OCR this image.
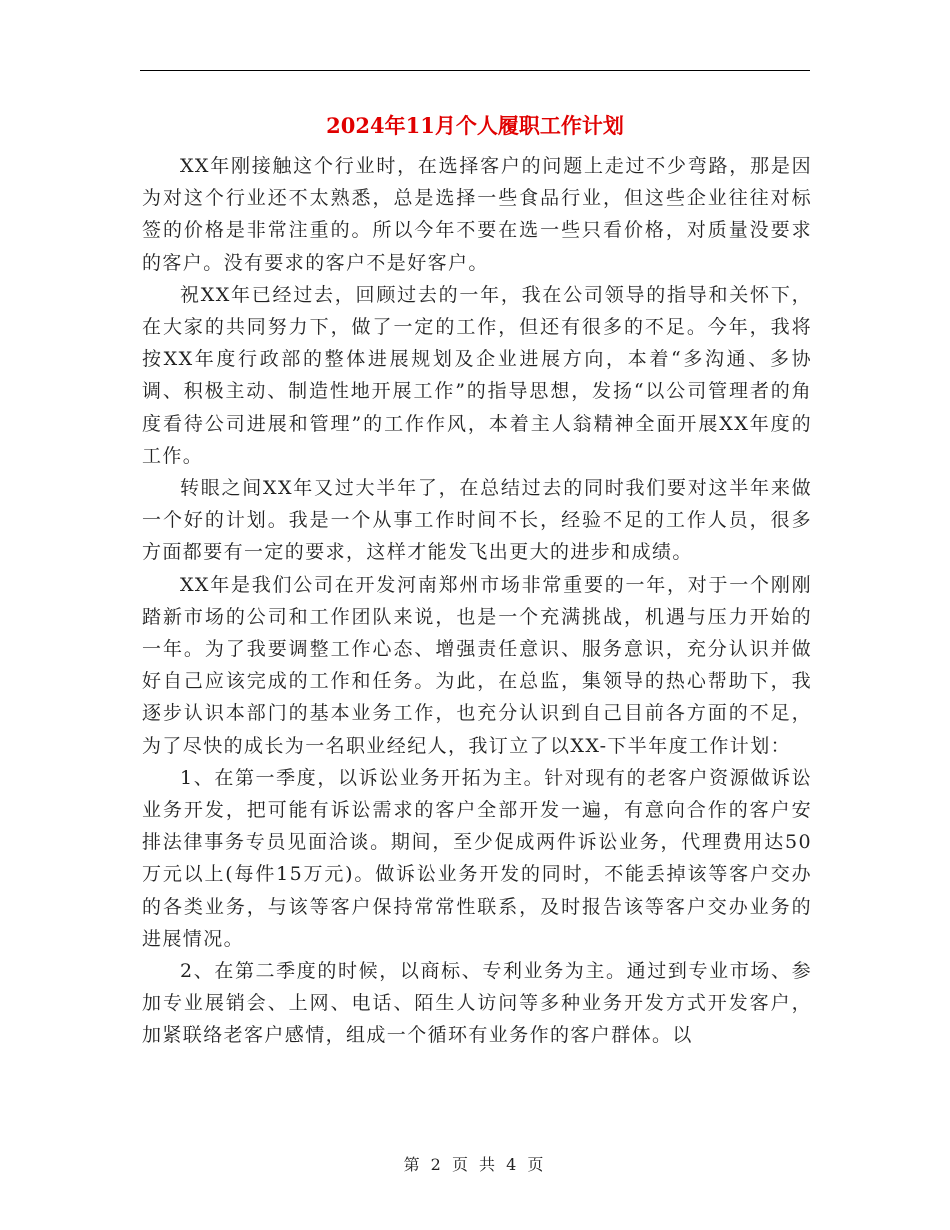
2024年11月个人履职工作计划

XX年刚接触这个行业时，在选择客户的问题上走过不少弯路，那是因为对这个行业还不太熟悉，总是选择一些食品行业，但这些企业往往对标签的价格是非常注重的。所以今年不要在选一些只看价格，对质量没要求的客户。没有要求的客户不是好客户。

祝XX年已经过去，回顾过去的一年，我在公司领导的指导和关怀下，在大家的共同努力下，做了一定的工作，但还有很多的不足。今年，我将按XX年度行政部的整体进展规划及企业进展方向，本着“多沟通、多协调、积极主动、制造性地开展工作”的指导思想，发扬“以公司管理者的角度看待公司进展和管理”的工作作风，本着主人翁精神全面开展XX年度的工作。

转眼之间XX年又过大半年了，在总结过去的同时我们要对这半年来做一个好的计划。我是一个从事工作时间不长，经验不足的工作人员，很多方面都要有一定的要求，这样才能发飞出更大的进步和成绩。

XX年是我们公司在开发河南郑州市场非常重要的一年，对于一个刚刚踏新市场的公司和工作团队来说，也是一个充满挑战，机遇与压力开始的一年。为了我要调整工作心态、增强责任意识、服务意识，充分认识并做好自己应该完成的工作和任务。为此，在总监，集领导的热心帮助下，我逐步认识本部门的基本业务工作，也充分认识到自己目前各方面的不足，为了尽快的成长为一名职业经纪人，我订立了以XX-下半年度工作计划：

1、在第一季度，以诉讼业务开拓为主。针对现有的老客户资源做诉讼业务开发，把可能有诉讼需求的客户全部开发一遍，有意向合作的客户安排法律事务专员见面洽谈。期间，至少促成两件诉讼业务，代理费用达50万元以上(每件15万元)。做诉讼业务开发的同时，不能丢掉该等客户交办的各类业务，与该等客户保持常常性联系，及时报告该等客户交办业务的进展情况。

2、在第二季度的时候，以商标、专利业务为主。通过到专业市场、参加专业展销会、上网、电话、陌生人访问等多种业务开发方式开发客户，加紧联络老客户感情，组成一个循环有业务作的客户群体。以

第 2 页 共 4 页
